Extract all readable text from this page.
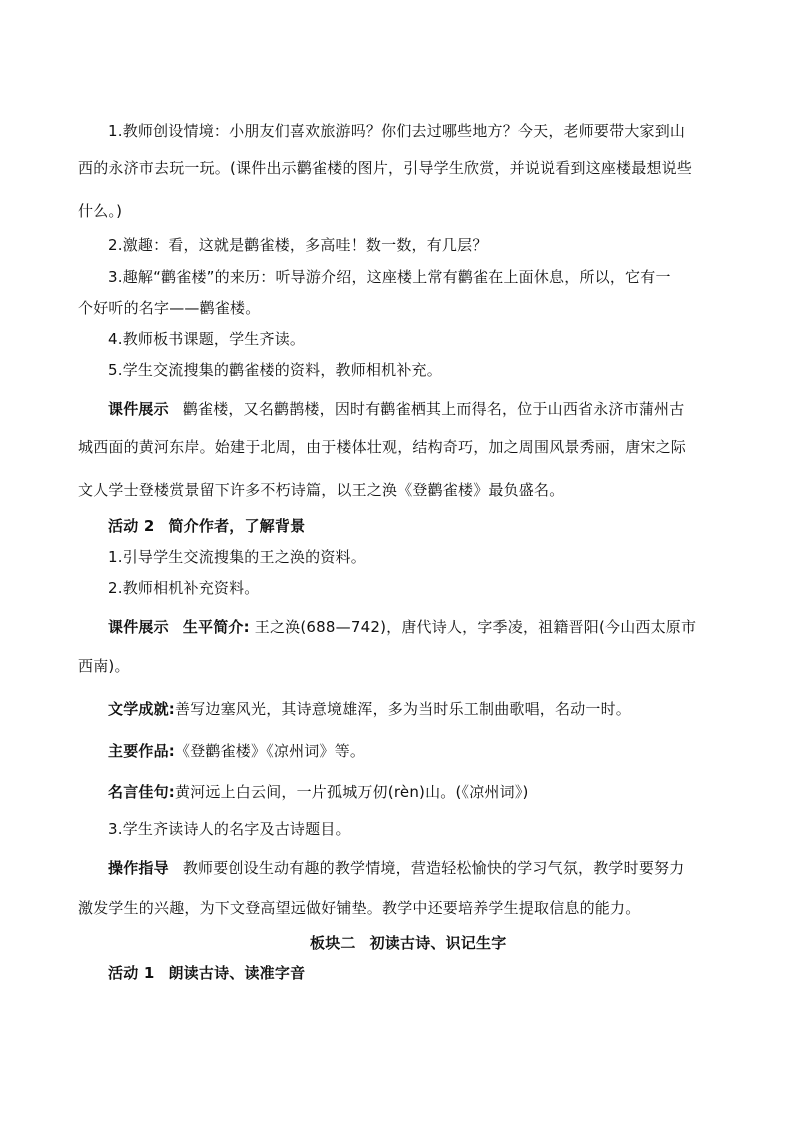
1.教师创设情境：小朋友们喜欢旅游吗？你们去过哪些地方？今天，老师要带大家到山
西的永济市去玩一玩。(课件出示鹳雀楼的图片，引导学生欣赏，并说说看到这座楼最想说些
什么。)
2.激趣：看，这就是鹳雀楼，多高哇！数一数，有几层？
3.趣解“鹳雀楼”的来历：听导游介绍，这座楼上常有鹳雀在上面休息，所以，它有一
个好听的名字——鹳雀楼。
4.教师板书课题，学生齐读。
5.学生交流搜集的鹳雀楼的资料，教师相机补充。
课件展示 鹳雀楼，又名鹳鹊楼，因时有鹳雀栖其上而得名，位于山西省永济市蒲州古
城西面的黄河东岸。始建于北周，由于楼体壮观，结构奇巧，加之周围风景秀丽，唐宋之际
文人学士登楼赏景留下许多不朽诗篇，以王之涣《登鹳雀楼》最负盛名。
活动 2 简介作者，了解背景
1.引导学生交流搜集的王之涣的资料。
2.教师相机补充资料。
课件展示 生平简介: 王之涣(688—742)，唐代诗人，字季凌，祖籍晋阳(今山西太原市
西南)。
文学成就:善写边塞风光，其诗意境雄浑，多为当时乐工制曲歌唱，名动一时。
主要作品:《登鹳雀楼》《凉州词》等。
名言佳句:黄河远上白云间，一片孤城万仞(rèn)山。(《凉州词》)
3.学生齐读诗人的名字及古诗题目。
操作指导 教师要创设生动有趣的教学情境，营造轻松愉快的学习气氛，教学时要努力
激发学生的兴趣，为下文登高望远做好铺垫。教学中还要培养学生提取信息的能力。
板块二 初读古诗、识记生字
活动 1 朗读古诗、读准字音
